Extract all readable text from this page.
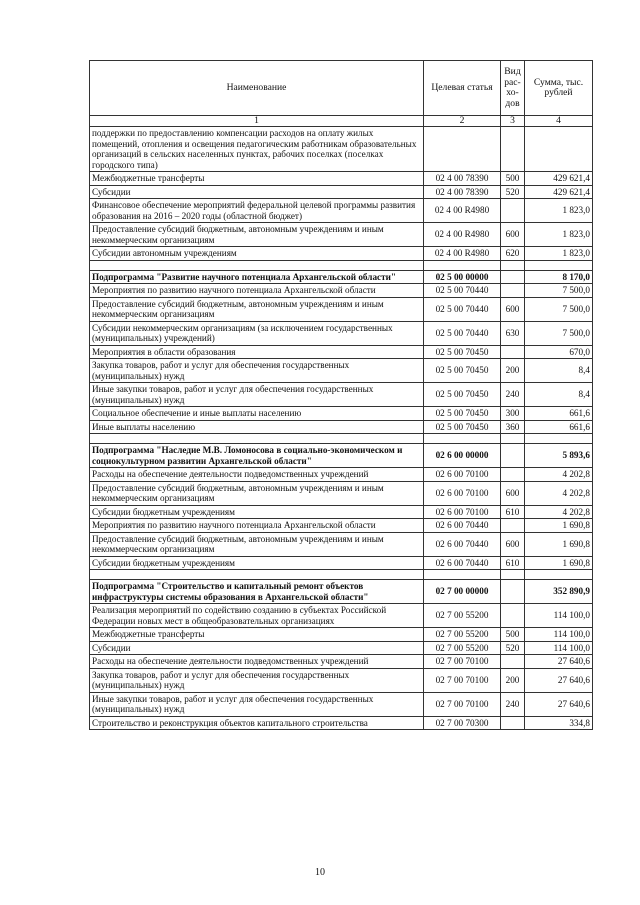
Наименование	Целевая статья	Вид рас-хо-дов	Сумма, тыс. рублей
1	2	3	4
поддержки по предоставлению компенсации расходов на оплату жилых помещений, отопления и освещения педагогическим работникам образовательных организаций в сельских населенных пунктах, рабочих поселках (поселках городского типа)			
Межбюджетные трансферты	02 4 00 78390	500	429 621,4
Субсидии	02 4 00 78390	520	429 621,4
Финансовое обеспечение мероприятий федеральной целевой программы развития образования на 2016 – 2020 годы (областной бюджет)	02 4 00 R4980		1 823,0
Предоставление субсидий бюджетным, автономным учреждениям и иным некоммерческим организациям	02 4 00 R4980	600	1 823,0
Субсидии автономным учреждениям	02 4 00 R4980	620	1 823,0

Подпрограмма "Развитие научного потенциала Архангельской области"	02 5 00 00000		8 170,0
Мероприятия по развитию научного потенциала Архангельской области	02 5 00 70440		7 500,0
Предоставление субсидий бюджетным, автономным учреждениям и иным некоммерческим организациям	02 5 00 70440	600	7 500,0
Субсидии некоммерческим организациям (за исключением государственных (муниципальных) учреждений)	02 5 00 70440	630	7 500,0
Мероприятия в области образования	02 5 00 70450		670,0
Закупка товаров, работ и услуг для обеспечения государственных (муниципальных) нужд	02 5 00 70450	200	8,4
Иные закупки товаров, работ и услуг для обеспечения государственных (муниципальных) нужд	02 5 00 70450	240	8,4
Социальное обеспечение и иные выплаты населению	02 5 00 70450	300	661,6
Иные выплаты населению	02 5 00 70450	360	661,6

Подпрограмма "Наследие М.В. Ломоносова в социально-экономическом и социокультурном развитии Архангельской области"	02 6 00 00000		5 893,6
Расходы на обеспечение деятельности подведомственных учреждений	02 6 00 70100		4 202,8
Предоставление субсидий бюджетным, автономным учреждениям и иным некоммерческим организациям	02 6 00 70100	600	4 202,8
Субсидии бюджетным учреждениям	02 6 00 70100	610	4 202,8
Мероприятия по развитию научного потенциала Архангельской области	02 6 00 70440		1 690,8
Предоставление субсидий бюджетным, автономным учреждениям и иным некоммерческим организациям	02 6 00 70440	600	1 690,8
Субсидии бюджетным учреждениям	02 6 00 70440	610	1 690,8

Подпрограмма "Строительство и капитальный ремонт объектов инфраструктуры системы образования в Архангельской области"	02 7 00 00000		352 890,9
Реализация мероприятий по содействию созданию в субъектах Российской Федерации новых мест в общеобразовательных организациях	02 7 00 55200		114 100,0
Межбюджетные трансферты	02 7 00 55200	500	114 100,0
Субсидии	02 7 00 55200	520	114 100,0
Расходы на обеспечение деятельности подведомственных учреждений	02 7 00 70100		27 640,6
Закупка товаров, работ и услуг для обеспечения государственных (муниципальных) нужд	02 7 00 70100	200	27 640,6
Иные закупки товаров, работ и услуг для обеспечения государственных (муниципальных) нужд	02 7 00 70100	240	27 640,6
Строительство и реконструкция объектов капитального строительства	02 7 00 70300		334,8
10
